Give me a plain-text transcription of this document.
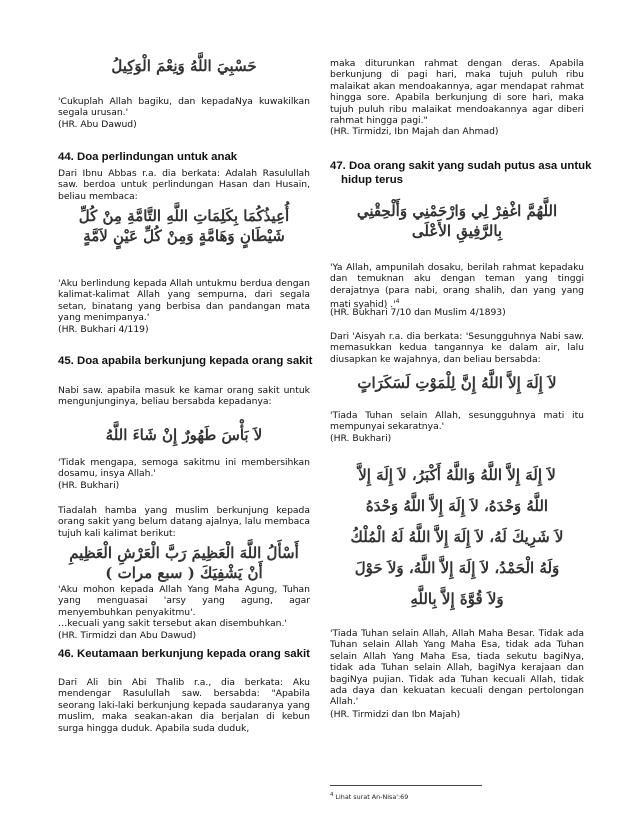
حَسْبِيَ اللَّهُ وَنِعْمَ الْوَكِيلُ

'Cukuplah Allah bagiku, dan kepadaNya kuwakilkan segala urusan.'

(HR. Abu Dawud)

44. Doa perlindungan untuk anak

Dari Ibnu Abbas r.a. dia berkata: Adalah Rasulullah saw. berdoa untuk perlindungan Hasan dan Husain, beliau membaca:

أُعِيذُكُمَا بِكَلِمَاتِ اللَّهِ التَّامَّةِ مِنْ كُلِّ
شَيْطَانٍ وَهَامَّةٍ وَمِنْ كُلِّ عَيْنٍ لاَمَّةٍ

'Aku berlindung kepada Allah untukmu berdua dengan kalimat-kalimat Allah yang sempurna, dari segala setan, binatang yang berbisa dan pandangan mata yang menimpanya.'

(HR. Bukhari 4/119)

45. Doa apabila berkunjung kepada orang sakit

Nabi saw. apabila masuk ke kamar orang sakit untuk mengunjunginya, beliau bersabda kepadanya:

لاَ بَأْسَ طَهُورٌ إِنْ شَاءَ اللَّهُ

'Tidak mengapa, semoga sakitmu ini membersihkan dosamu, insya Allah.'

(HR. Bukhari)

Tiadalah hamba yang muslim berkunjung kepada orang sakit yang belum datang ajalnya, lalu membaca tujuh kali kalimat berikut:

أَسْأَلُ اللَّهَ الْعَظِيمَ رَبَّ الْعَرْشِ الْعَظِيمِ
أَنْ يَشْفِيَكَ ( سبع مرات )

'Aku mohon kepada Allah Yang Maha Agung, Tuhan yang menguasai 'arsy yang agung, agar menyembuhkan penyakitmu'.

…kecuali yang sakit tersebut akan disembuhkan.'

(HR. Tirmidzi dan Abu Dawud)

46. Keutamaan berkunjung kepada orang sakit

Dari Ali bin Abi Thalib r.a., dia berkata: Aku mendengar Rasulullah saw. bersabda: "Apabila seorang laki-laki berkunjung kepada saudaranya yang muslim, maka seakan-akan dia berjalan di kebun surga hingga duduk. Apabila suda duduk,

maka diturunkan rahmat dengan deras. Apabila berkunjung di pagi hari, maka tujuh puluh ribu malaikat akan mendoakannya, agar mendapat rahmat hingga sore. Apabila berkunjung di sore hari, maka tujuh puluh ribu malaikat mendoakannya agar diberi rahmat hingga pagi."

(HR. Tirmidzi, Ibn Majah dan Ahmad)

47. Doa orang sakit yang sudah putus asa untuk hidup terus
اللَّهُمَّ اغْفِرْ لِي وَارْحَمْنِي وَأَلْحِقْنِي
بِالرَّفِيقِ الأَعْلَى

'Ya Allah, ampunilah dosaku, berilah rahmat kepadaku dan temuknan aku dengan teman yang tinggi derajatnya (para nabi, orang shalih, dan yang yang mati syahid) $.'^4$

(HR. Bukhari 7/10 dan Muslim 4/1893)

Dari 'Aisyah r.a. dia berkata: 'Sesungguhnya Nabi saw. memasukkan kedua tangannya ke dalam air, lalu diusapkan ke wajahnya, dan beliau bersabda:

لاَ إِلَهَ إِلاَّ اللَّهُ إِنَّ لِلْمَوْتِ لَسَكَرَاتٍ

'Tiada Tuhan selain Allah, sesungguhnya mati itu mempunyai sekaratnya.'

(HR. Bukhari)

لاَ إِلَهَ إِلاَّ اللَّهُ وَاللَّهُ أَكْبَرُ، لاَ إِلَهَ إِلاَّ
اللَّهُ وَحْدَهُ، لاَ إِلَهَ إِلاَّ اللَّهُ وَحْدَهُ
لاَ شَرِيكَ لَهُ، لاَ إِلَهَ إِلاَّ اللَّهُ لَهُ الْمُلْكُ
وَلَهُ الْحَمْدُ، لاَ إِلَهَ إِلاَّ اللَّهُ، وَلاَ حَوْلَ
وَلاَ قُوَّةَ إِلاَّ بِاللَّهِ

'Tiada Tuhan selain Allah, Allah Maha Besar. Tidak ada Tuhan selain Allah Yang Maha Esa, tidak ada Tuhan selain Allah Yang Maha Esa, tiada sekutu bagiNya, tidak ada Tuhan selain Allah, bagiNya kerajaan dan bagiNya pujian. Tidak ada Tuhan kecuali Allah, tidak ada daya dan kekuatan kecuali dengan pertolongan Allah.'

(HR. Tirmidzi dan Ibn Majah)

$^4$ Lihat surat An-Nisa':69
